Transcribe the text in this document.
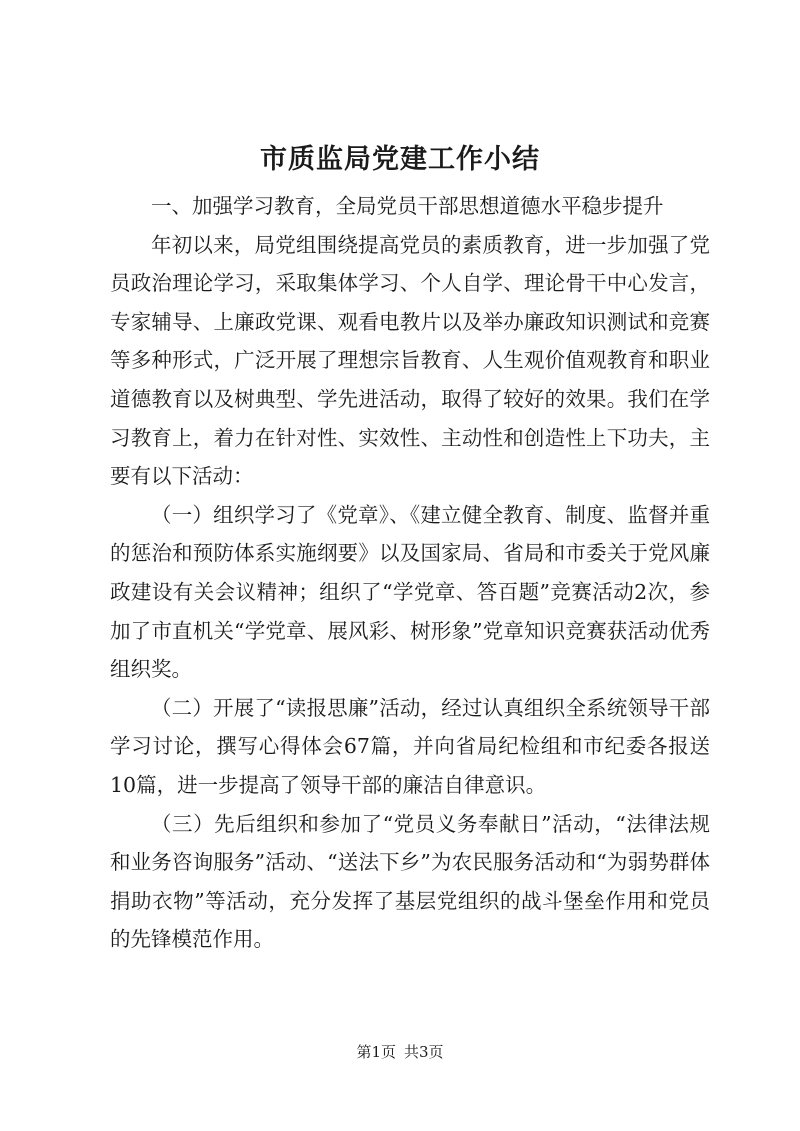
市质监局党建工作小结

一、加强学习教育，全局党员干部思想道德水平稳步提升

年初以来，局党组围绕提高党员的素质教育，进一步加强了党员政治理论学习，采取集体学习、个人自学、理论骨干中心发言，专家辅导、上廉政党课、观看电教片以及举办廉政知识测试和竞赛等多种形式，广泛开展了理想宗旨教育、人生观价值观教育和职业道德教育以及树典型、学先进活动，取得了较好的效果。我们在学习教育上，着力在针对性、实效性、主动性和创造性上下功夫，主要有以下活动：

（一）组织学习了《党章》、《建立健全教育、制度、监督并重的惩治和预防体系实施纲要》以及国家局、省局和市委关于党风廉政建设有关会议精神；组织了“学党章、答百题”竞赛活动2次，参加了市直机关“学党章、展风彩、树形象”党章知识竞赛获活动优秀组织奖。

（二）开展了“读报思廉”活动，经过认真组织全系统领导干部学习讨论，撰写心得体会67篇，并向省局纪检组和市纪委各报送10篇，进一步提高了领导干部的廉洁自律意识。

（三）先后组织和参加了“党员义务奉献日”活动，“法律法规和业务咨询服务”活动、“送法下乡”为农民服务活动和“为弱势群体捐助衣物”等活动，充分发挥了基层党组织的战斗堡垒作用和党员的先锋模范作用。

第1页 共3页
